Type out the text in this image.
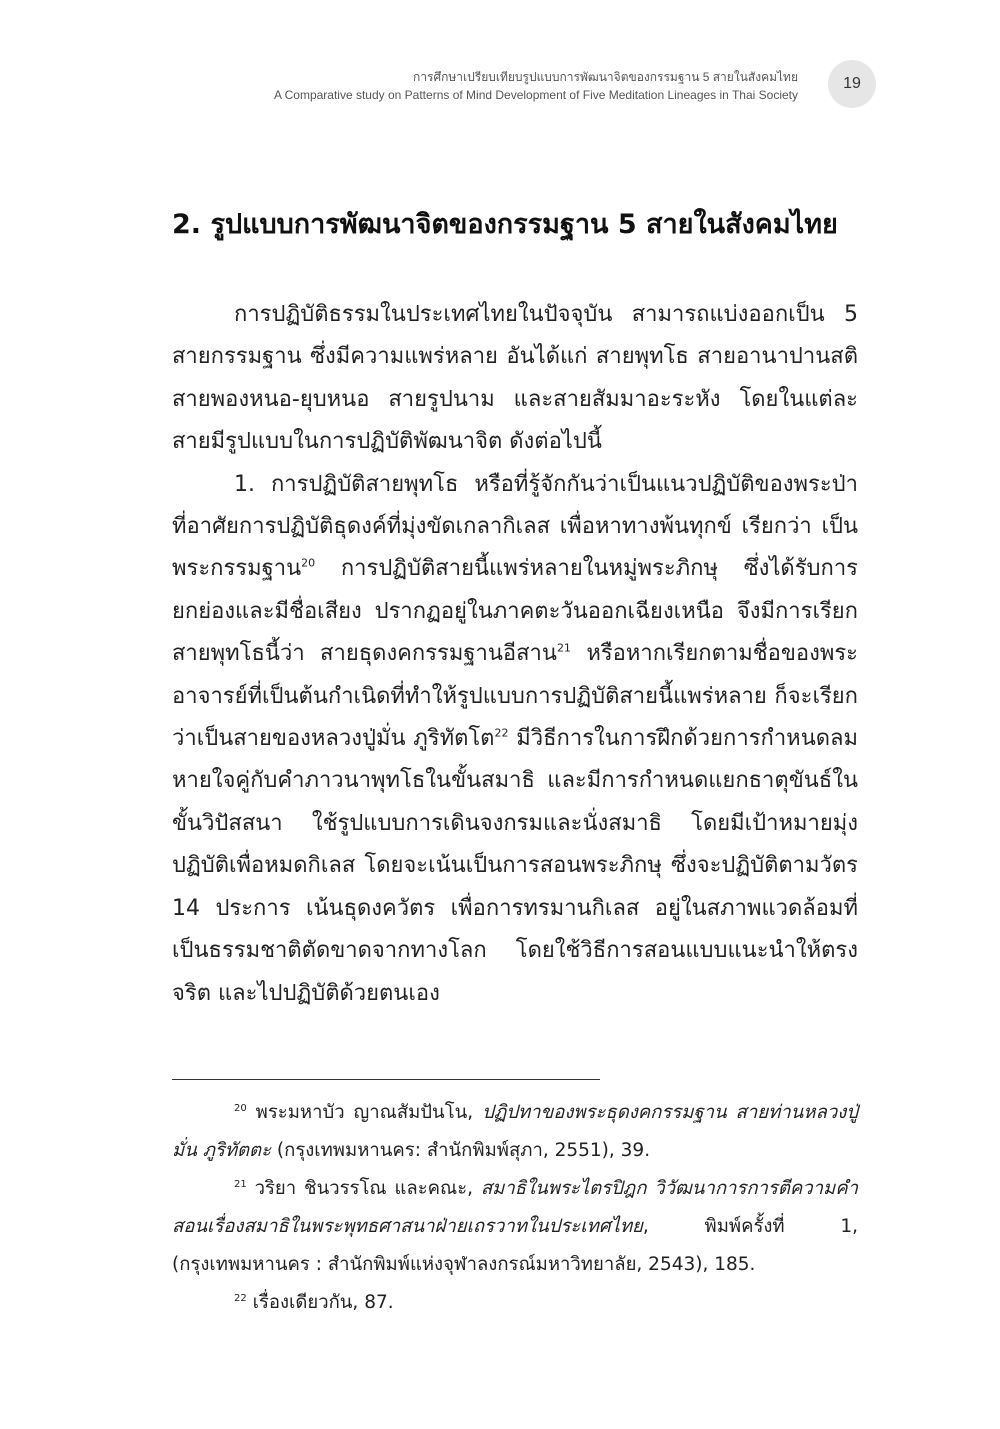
การศึกษาเปรียบเทียบรูปแบบการพัฒนาจิตของกรรมฐาน 5 สายในสังคมไทย
A Comparative study on Patterns of Mind Development of Five Meditation Lineages in Thai Society
19
2. รูปแบบการพัฒนาจิตของกรรมฐาน 5 สายในสังคมไทย

การปฏิบัติธรรมในประเทศไทยในปัจจุบัน สามารถแบ่งออกเป็น 5 สายกรรมฐาน ซึ่งมีความแพร่หลาย อันได้แก่ สายพุทโธ สายอานาปานสติ สายพองหนอ-ยุบหนอ สายรูปนาม และสายสัมมาอะระหัง โดยในแต่ละสายมีรูปแบบในการปฏิบัติพัฒนาจิต ดังต่อไปนี้

1. การปฏิบัติสายพุทโธ หรือที่รู้จักกันว่าเป็นแนวปฏิบัติของพระป่า ที่อาศัยการปฏิบัติธุดงค์ที่มุ่งขัดเกลากิเลส เพื่อหาทางพ้นทุกข์ เรียกว่า เป็นพระกรรมฐาน$^{20}$ การปฏิบัติสายนี้แพร่หลายในหมู่พระภิกษุ ซึ่งได้รับการยกย่องและมีชื่อเสียง ปรากฏอยู่ในภาคตะวันออกเฉียงเหนือ จึงมีการเรียกสายพุทโธนี้ว่า สายธุดงคกรรมฐานอีสาน$^{21}$ หรือหากเรียกตามชื่อของพระอาจารย์ที่เป็นต้นกำเนิดที่ทำให้รูปแบบการปฏิบัติสายนี้แพร่หลาย ก็จะเรียกว่าเป็นสายของหลวงปู่มั่น ภูริทัตโต$^{22}$ มีวิธีการในการฝึกด้วยการกำหนดลมหายใจคู่กับคำภาวนาพุทโธในขั้นสมาธิ และมีการกำหนดแยกธาตุขันธ์ในขั้นวิปัสสนา ใช้รูปแบบการเดินจงกรมและนั่งสมาธิ โดยมีเป้าหมายมุ่งปฏิบัติเพื่อหมดกิเลส โดยจะเน้นเป็นการสอนพระภิกษุ ซึ่งจะปฏิบัติตามวัตร 14 ประการ เน้นธุดงควัตร เพื่อการทรมานกิเลส อยู่ในสภาพแวดล้อมที่เป็นธรรมชาติตัดขาดจากทางโลก โดยใช้วิธีการสอนแบบแนะนำให้ตรงจริต และไปปฏิบัติด้วยตนเอง

$^{20}$ พระมหาบัว ญาณสัมปันโน, ปฏิปทาของพระธุดงคกรรมฐาน สายท่านหลวงปู่มั่น ภูริทัตตะ (กรุงเทพมหานคร: สำนักพิมพ์สุภา, 2551), 39.

$^{21}$ วริยา ชินวรรโณ และคณะ, สมาธิในพระไตรปิฎก วิวัฒนาการการตีความคำสอนเรื่องสมาธิในพระพุทธศาสนาฝ่ายเถรวาทในประเทศไทย, พิมพ์ครั้งที่ 1, (กรุงเทพมหานคร : สำนักพิมพ์แห่งจุฬาลงกรณ์มหาวิทยาลัย, 2543), 185.

$^{22}$ เรื่องเดียวกัน, 87.
